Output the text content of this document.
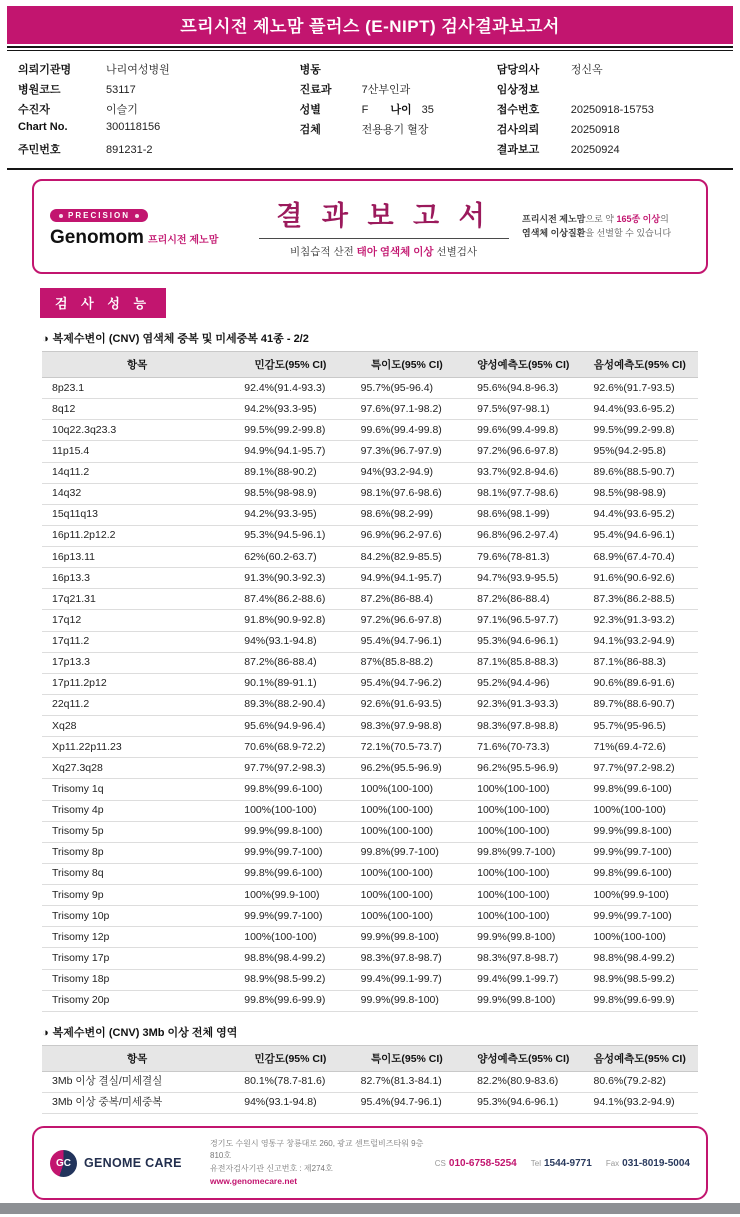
프리시전 제노맘 플러스 (E-NIPT) 검사결과보고서
의뢰기관명	나리여성병원
병원코드	53117
수진자	이슬기
Chart No.	300118156
주민번호	891231-2
병동
진료과	7산부인과
성별	F 나이 35
검체	전용용기 혈장
담당의사	정신옥
임상정보
접수번호	20250918-15753
검사의뢰	20250918
결과보고	20250924
PRECISION
Genomom 프리시전 제노맘
결 과 보 고 서
비침습적 산전 태아 염색체 이상 선별검사
프리시전 제노맘으로 약 165종 이상의
염색체 이상질환을 선별할 수 있습니다
검 사 성 능
◑ 복제수변이 (CNV) 염색체 중복 및 미세중복 41종 - 2/2
항목	민감도(95% CI)	특이도(95% CI)	양성예측도(95% CI)	음성예측도(95% CI)
8p23.1	92.4%(91.4-93.3)	95.7%(95-96.4)	95.6%(94.8-96.3)	92.6%(91.7-93.5)
8q12	94.2%(93.3-95)	97.6%(97.1-98.2)	97.5%(97-98.1)	94.4%(93.6-95.2)
10q22.3q23.3	99.5%(99.2-99.8)	99.6%(99.4-99.8)	99.6%(99.4-99.8)	99.5%(99.2-99.8)
11p15.4	94.9%(94.1-95.7)	97.3%(96.7-97.9)	97.2%(96.6-97.8)	95%(94.2-95.8)
14q11.2	89.1%(88-90.2)	94%(93.2-94.9)	93.7%(92.8-94.6)	89.6%(88.5-90.7)
14q32	98.5%(98-98.9)	98.1%(97.6-98.6)	98.1%(97.7-98.6)	98.5%(98-98.9)
15q11q13	94.2%(93.3-95)	98.6%(98.2-99)	98.6%(98.1-99)	94.4%(93.6-95.2)
16p11.2p12.2	95.3%(94.5-96.1)	96.9%(96.2-97.6)	96.8%(96.2-97.4)	95.4%(94.6-96.1)
16p13.11	62%(60.2-63.7)	84.2%(82.9-85.5)	79.6%(78-81.3)	68.9%(67.4-70.4)
16p13.3	91.3%(90.3-92.3)	94.9%(94.1-95.7)	94.7%(93.9-95.5)	91.6%(90.6-92.6)
17q21.31	87.4%(86.2-88.6)	87.2%(86-88.4)	87.2%(86-88.4)	87.3%(86.2-88.5)
17q12	91.8%(90.9-92.8)	97.2%(96.6-97.8)	97.1%(96.5-97.7)	92.3%(91.3-93.2)
17q11.2	94%(93.1-94.8)	95.4%(94.7-96.1)	95.3%(94.6-96.1)	94.1%(93.2-94.9)
17p13.3	87.2%(86-88.4)	87%(85.8-88.2)	87.1%(85.8-88.3)	87.1%(86-88.3)
17p11.2p12	90.1%(89-91.1)	95.4%(94.7-96.2)	95.2%(94.4-96)	90.6%(89.6-91.6)
22q11.2	89.3%(88.2-90.4)	92.6%(91.6-93.5)	92.3%(91.3-93.3)	89.7%(88.6-90.7)
Xq28	95.6%(94.9-96.4)	98.3%(97.9-98.8)	98.3%(97.8-98.8)	95.7%(95-96.5)
Xp11.22p11.23	70.6%(68.9-72.2)	72.1%(70.5-73.7)	71.6%(70-73.3)	71%(69.4-72.6)
Xq27.3q28	97.7%(97.2-98.3)	96.2%(95.5-96.9)	96.2%(95.5-96.9)	97.7%(97.2-98.2)
Trisomy 1q	99.8%(99.6-100)	100%(100-100)	100%(100-100)	99.8%(99.6-100)
Trisomy 4p	100%(100-100)	100%(100-100)	100%(100-100)	100%(100-100)
Trisomy 5p	99.9%(99.8-100)	100%(100-100)	100%(100-100)	99.9%(99.8-100)
Trisomy 8p	99.9%(99.7-100)	99.8%(99.7-100)	99.8%(99.7-100)	99.9%(99.7-100)
Trisomy 8q	99.8%(99.6-100)	100%(100-100)	100%(100-100)	99.8%(99.6-100)
Trisomy 9p	100%(99.9-100)	100%(100-100)	100%(100-100)	100%(99.9-100)
Trisomy 10p	99.9%(99.7-100)	100%(100-100)	100%(100-100)	99.9%(99.7-100)
Trisomy 12p	100%(100-100)	99.9%(99.8-100)	99.9%(99.8-100)	100%(100-100)
Trisomy 17p	98.8%(98.4-99.2)	98.3%(97.8-98.7)	98.3%(97.8-98.7)	98.8%(98.4-99.2)
Trisomy 18p	98.9%(98.5-99.2)	99.4%(99.1-99.7)	99.4%(99.1-99.7)	98.9%(98.5-99.2)
Trisomy 20p	99.8%(99.6-99.9)	99.9%(99.8-100)	99.9%(99.8-100)	99.8%(99.6-99.9)
◑ 복제수변이 (CNV) 3Mb 이상 전체 영역
항목	민감도(95% CI)	특이도(95% CI)	양성예측도(95% CI)	음성예측도(95% CI)
3Mb 이상 결실/미세결실	80.1%(78.7-81.6)	82.7%(81.3-84.1)	82.2%(80.9-83.6)	80.6%(79.2-82)
3Mb 이상 중복/미세중복	94%(93.1-94.8)	95.4%(94.7-96.1)	95.3%(94.6-96.1)	94.1%(93.2-94.9)
GC	GENOME CARE
경기도 수원시 영통구 창룡대로 260, 광교 센트럴비즈타워 9층 810호
유전자검사기관 신고번호 : 제274호
www.genomecare.net
CS 010-6758-5254 Tel 1544-9771 Fax 031-8019-5004
